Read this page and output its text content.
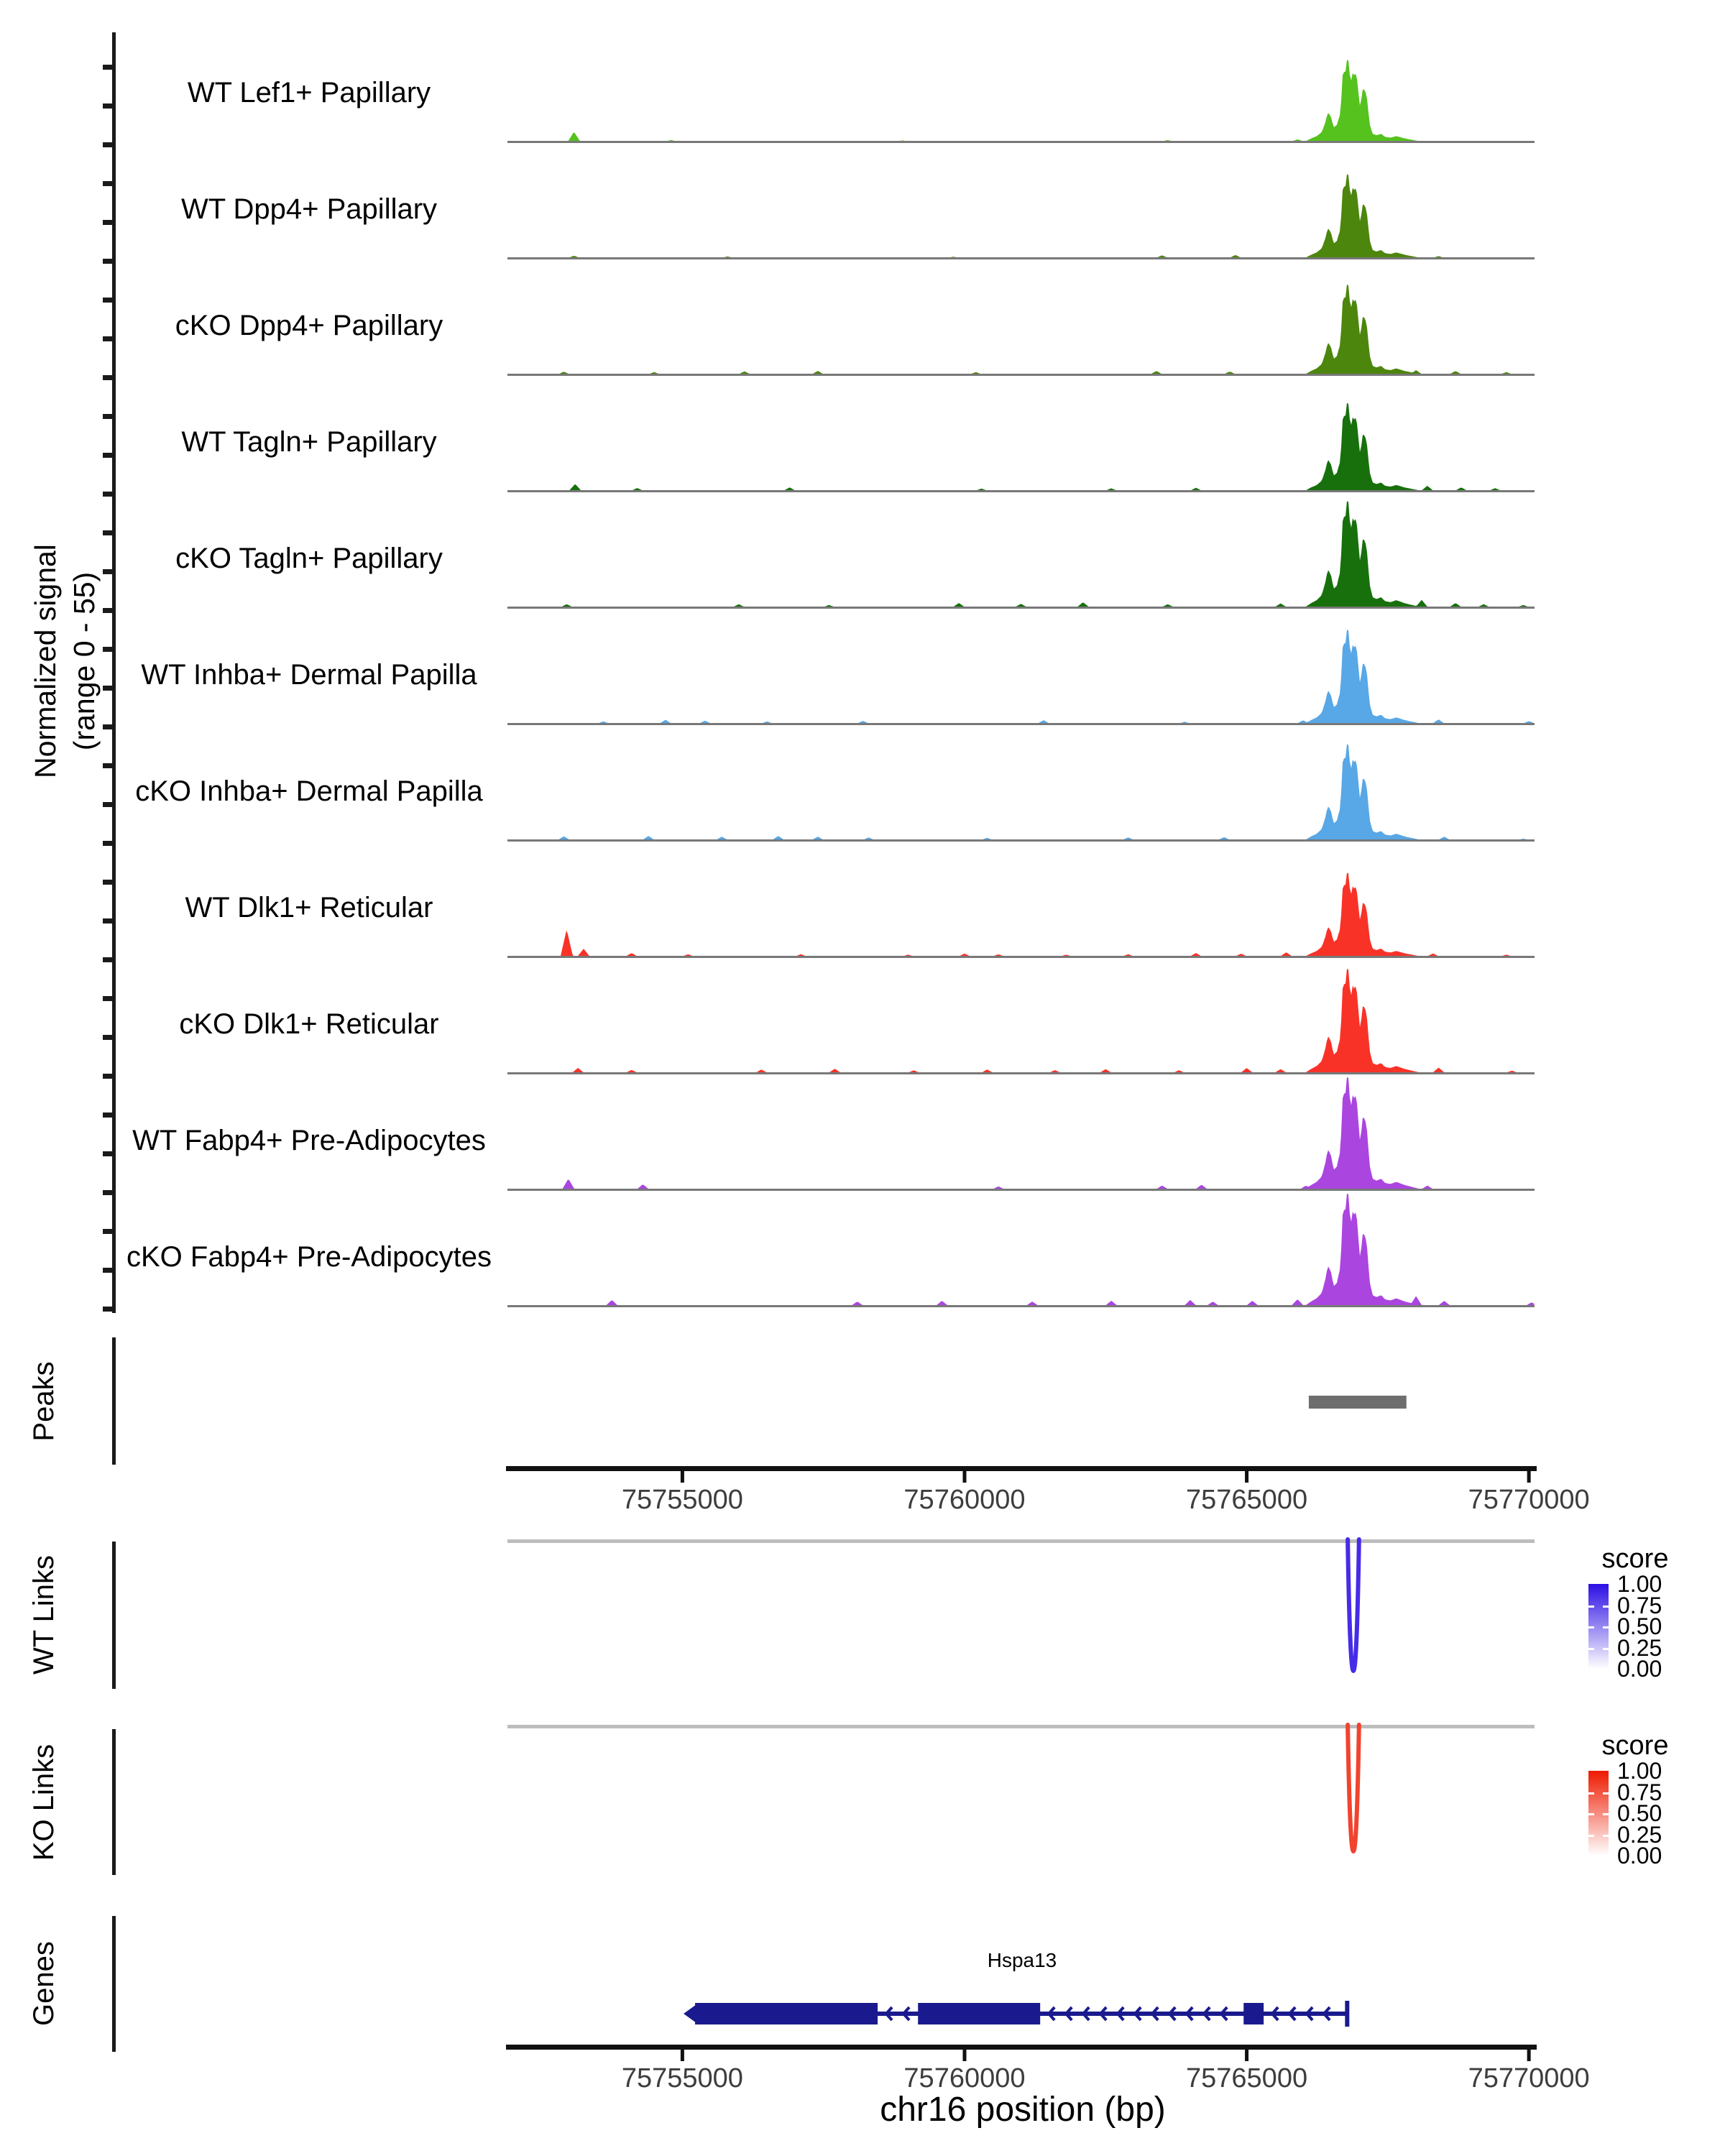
Normalized signal (range 0 - 55)
Peaks
WT Links
KO Links
Genes	Hspa13
chr16 position (bp)
score
1.00
0.75
0.50
0.25
0.00
score
1.00
0.75
0.50
0.25
0.00
WT Lef1+ Papillary
WT Dpp4+ Papillary
cKO Dpp4+ Papillary
WT Tagln+ Papillary
cKO Tagln+ Papillary
WT Inhba+ Dermal Papilla
cKO Inhba+ Dermal Papilla
WT Dlk1+ Reticular
cKO Dlk1+ Reticular
WT Fabp4+ Pre-Adipocytes
cKO Fabp4+ Pre-Adipocytes
75755000	75760000	75765000	75770000
75755000	75760000	75765000	75770000
